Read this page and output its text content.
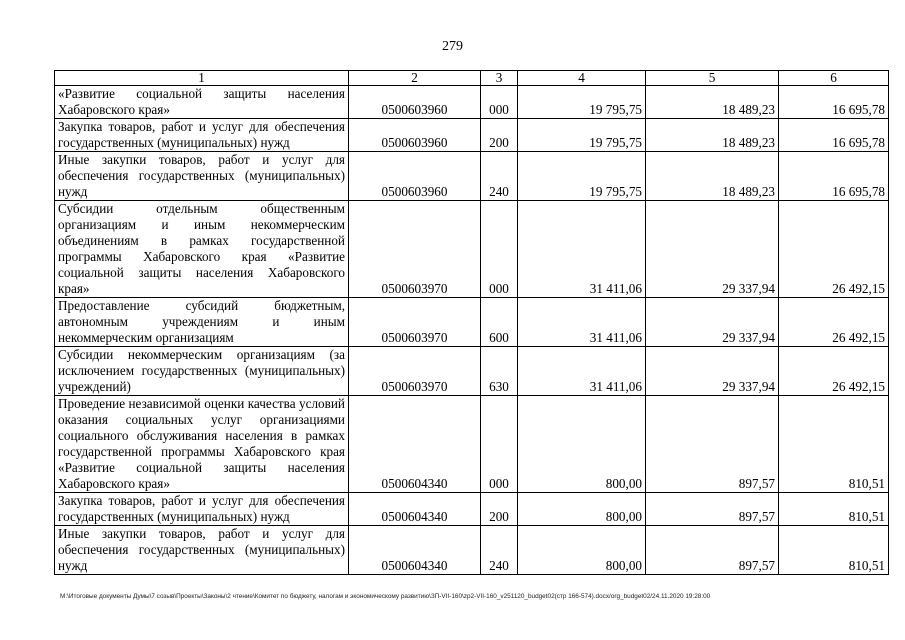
279
1	2	3	4	5	6
«Развитие социальной защиты населения Хабаровского края»	0500603960	000	19 795,75	18 489,23	16 695,78
Закупка товаров, работ и услуг для обеспечения государственных (муниципальных) нужд	0500603960	200	19 795,75	18 489,23	16 695,78
Иные закупки товаров, работ и услуг для обеспечения государственных (муниципальных) нужд	0500603960	240	19 795,75	18 489,23	16 695,78
Субсидии отдельным общественным организациям и иным некоммерческим объединениям в рамках государственной программы Хабаровского края «Развитие социальной защиты населения Хабаровского края»	0500603970	000	31 411,06	29 337,94	26 492,15
Предоставление субсидий бюджетным, автономным учреждениям и иным некоммерческим организациям	0500603970	600	31 411,06	29 337,94	26 492,15
Субсидии некоммерческим организациям (за исключением государственных (муниципальных) учреждений)	0500603970	630	31 411,06	29 337,94	26 492,15
Проведение независимой оценки качества условий оказания социальных услуг организациями социального обслуживания населения в рамках государственной программы Хабаровского края «Развитие социальной защиты населения Хабаровского края»	0500604340	000	800,00	897,57	810,51
Закупка товаров, работ и услуг для обеспечения государственных (муниципальных) нужд	0500604340	200	800,00	897,57	810,51
Иные закупки товаров, работ и услуг для обеспечения государственных (муниципальных) нужд	0500604340	240	800,00	897,57	810,51
M:\Итоговые документы Думы\7 созыв\Проекты\Законы\2 чтение\Комитет по бюджету, налогам и экономическому развитию\ЗП-VII-160\zp2-VII-160_v251120_budget02(стр 166-574).docx/org_budget02/24.11.2020 19:28:00
